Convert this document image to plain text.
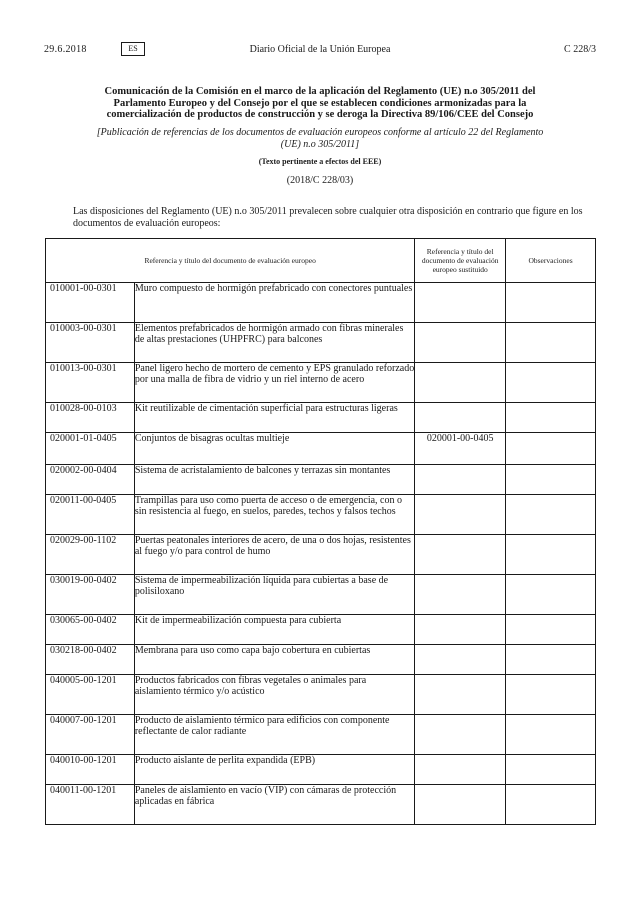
Diario Oficial de la Unión Europea
29.6.2018	ES	C 228/3
Comunicación de la Comisión en el marco de la aplicación del Reglamento (UE) n.o 305/2011 del Parlamento Europeo y del Consejo por el que se establecen condiciones armonizadas para la comercialización de productos de construcción y se deroga la Directiva 89/106/CEE del Consejo
[Publicación de referencias de los documentos de evaluación europeos conforme al artículo 22 del Reglamento (UE) n.o 305/2011]
(Texto pertinente a efectos del EEE)
(2018/C 228/03)
Las disposiciones del Reglamento (UE) n.o 305/2011 prevalecen sobre cualquier otra disposición en contrario que figure en los documentos de evaluación europeos:
Referencia y título del documento de evaluación europeo		Referencia y título del documento de evaluación europeo sustituido	Observaciones

010001-00-0301	Muro compuesto de hormigón prefabricado con conectores puntuales		

010003-00-0301	Elementos prefabricados de hormigón armado con fibras minerales de altas prestaciones (UHPFRC) para balcones		

010013-00-0301	Panel ligero hecho de mortero de cemento y EPS granulado reforzado por una malla de fibra de vidrio y un riel interno de acero		

010028-00-0103	Kit reutilizable de cimentación superficial para estructuras ligeras		

020001-01-0405	Conjuntos de bisagras ocultas multieje	020001-00-0405	

020002-00-0404	Sistema de acristalamiento de balcones y terrazas sin montantes		

020011-00-0405	Trampillas para uso como puerta de acceso o de emergencia, con o sin resistencia al fuego, en suelos, paredes, techos y falsos techos		

020029-00-1102	Puertas peatonales interiores de acero, de una o dos hojas, resistentes al fuego y/o para control de humo		

030019-00-0402	Sistema de impermeabilización líquida para cubiertas a base de polisiloxano		

030065-00-0402	Kit de impermeabilización compuesta para cubierta		

030218-00-0402	Membrana para uso como capa bajo cobertura en cubiertas		

040005-00-1201	Productos fabricados con fibras vegetales o animales para aislamiento térmico y/o acústico		

040007-00-1201	Producto de aislamiento térmico para edificios con componente reflectante de calor radiante		

040010-00-1201	Producto aislante de perlita expandida (EPB)		

040011-00-1201	Paneles de aislamiento en vacío (VIP) con cámaras de protección aplicadas en fábrica		
